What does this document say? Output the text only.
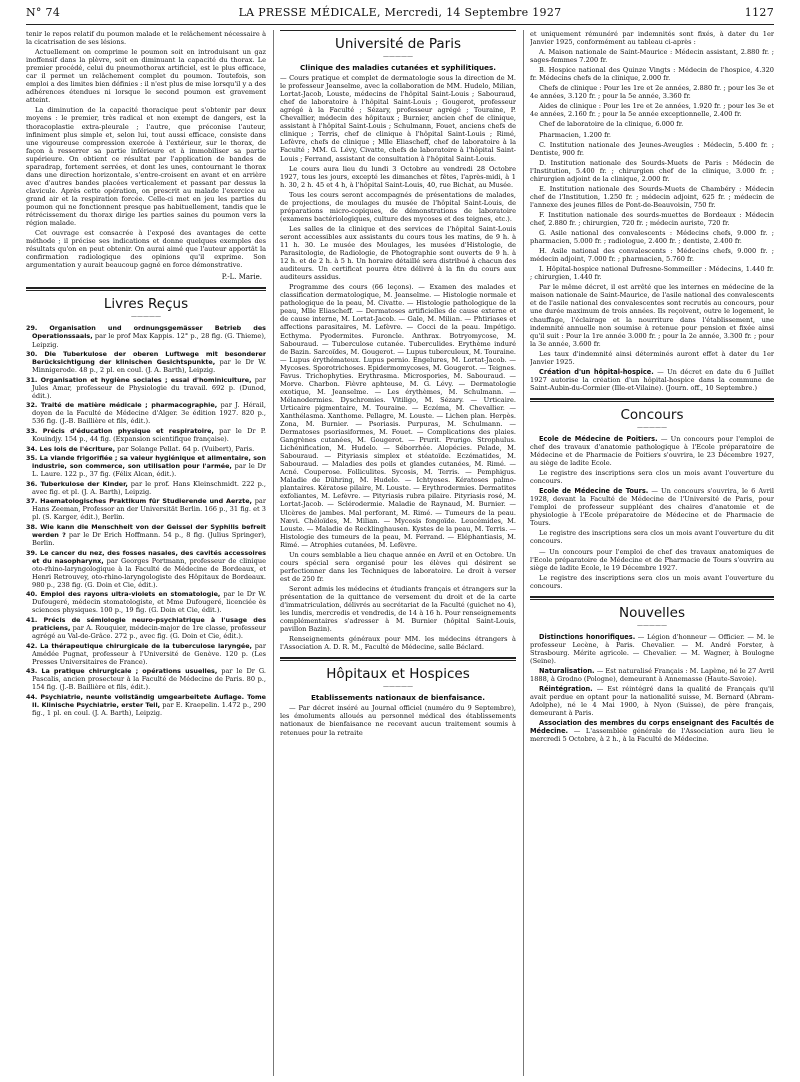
N° 74	LA PRESSE MÉDICALE, Mercredi, 14 Septembre 1927	1127

tenir le repos relatif du poumon malade et le relâchement nécessaire à la cicatrisation de ses lésions.

Actuellement on comprime le poumon soit en introduisant un gaz inoffensif dans la plèvre, soit en diminuant la capacité du thorax. Le premier procédé, celui du pneumothorax artificiel, est le plus efficace, car il permet un relâchement complet du poumon. Toutefois, son emploi a des limites bien définies : il n'est plus de mise lorsqu'il y a des adhérences étendues ni lorsque le second poumon est gravement atteint.

La diminution de la capacité thoracique peut s'obtenir par deux moyens : le premier, très radical et non exempt de dangers, est la thoracoplastie extra-pleurale ; l'autre, que préconise l'auteur, infiniment plus simple et, selon lui, tout aussi efficace, consiste dans une vigoureuse compression exercée à l'extérieur, sur le thorax, de façon à resserrer sa partie inférieure et à immobiliser sa partie supérieure. On obtient ce résultat par l'application de bandes de sparadrap, fortement serrées, et dont les unes, contournant le thorax dans une direction horizontale, s'entre-croisent en avant et en arrière avec d'autres bandes placées verticalement et passant par dessus la clavicule. Après cette opération, on prescrit au malade l'exercice au grand air et la respiration forcée. Celle-ci met en jeu les parties du poumon qui ne fonctionnent presque pas habituellement, tandis que le rétrécissement du thorax dirige les parties saines du poumon vers la région malade.

Cet ouvrage est consacrée à l'exposé des avantages de cette méthode ; il précise ses indications et donne quelques exemples des résultats qu'on en peut obtenir. On aurai aimé que l'auteur apportât la confirmation radiologique des opinions qu'il exprime. Son argumentation y aurait beaucoup gagné en force démonstrative.

P.-L. Marie.
Livres Reçus
—————
29. Organisation und ordnungsgemässer Betrieb des Operationssaals, par le prof Max Kappis. 12° p., 28 fig. (G. Thieme), Leipzig.
30. Die Tuberkulose der oberen Luftwege mit besonderer Berücksichtigung der klinischen Gesichtspunkte, par le Dr W. Minnigerode. 48 p., 2 pl. en coul. (J. A. Barth), Leipzig.
31. Organisation et hygiène sociales ; essai d'hominiculture, par Jules Amar, professeur de Physiologie du travail. 692 p. (Dunod, édit.).
32. Traité de matière médicale ; pharmacographie, par J. Hérail, doyen de la Faculté de Médecine d'Alger. 3e édition 1927. 820 p., 536 fig. (J.-B. Baillière et fils, édit.).
33. Précis d'éducation physique et respiratoire, par le Dr P. Kouindjy. 154 p., 44 fig. (Expansion scientifique française).
34. Les lois de l'écriture, par Solange Pellat. 64 p. (Vuibert), Paris.
35. La viande frigorifiée ; sa valeur hygiénique et alimentaire, son industrie, son commerce, son utilisation pour l'armée, par le Dr L. Laure. 122 p., 37 fig. (Félix Alcan, édit.).
36. Tuberkulose der Kinder, par le prof. Hans Kleinschmidt. 222 p., avec fig. et pl. (J. A. Barth), Leipzig.
37. Haematologisches Praktikum für Studierende und Aerzte, par Hans Zeeman, Professor an der Universität Berlin. 166 p., 31 fig. et 3 pl. (S. Karger, édit.), Berlin.
38. Wie kann die Menschheit von der Geissel der Syphilis befreit werden ? par le Dr Erich Hoffmann. 54 p., 8 fig. (Julius Springer), Berlin.
39. Le cancer du nez, des fosses nasales, des cavités accessoires et du nasopharynx, par Georges Portmann, professeur de clinique oto-rhino-laryngologique à la Faculté de Médecine de Bordeaux, et Henri Retrouvey, oto-rhino-laryngologiste des Hôpitaux de Bordeaux. 980 p., 238 fig. (G. Doin et Cie, édit.).
40. Emploi des rayons ultra-violets en stomatologie, par le Dr W. Dufougeré, médecin stomatologiste, et Mme Dufougeré, licenciée ès sciences physiques. 100 p., 19 fig. (G. Doin et Cie, édit.).
41. Précis de sémiologie neuro-psychiatrique à l'usage des praticiens, par A. Rouquier, médecin-major de 1re classe, professeur agrégé au Val-de-Grâce. 272 p., avec fig. (G. Doin et Cie, édit.).
42. La thérapeutique chirurgicale de la tuberculose laryngée, par Amédée Pugnat, professeur à l'Université de Genève. 120 p. (Les Presses Universitaires de France).
43. La pratique chirurgicale ; opérations usuelles, par le Dr G. Pascalis, ancien prosecteur à la Faculté de Médecine de Paris. 80 p., 154 fig. (J.-B. Baillière et fils, édit.).
44. Psychiatrie, neunte vollständig umgearbeitete Auflage. Tome II. Klinische Psychiatrie, erster Teil, par E. Kraepelin. 1.472 p., 290 fig., 1 pl. en coul. (J. A. Barth), Leipzig.
Université de Paris
—————
Clinique des maladies cutanées et syphilitiques.

— Cours pratique et complet de dermatologie sous la direction de M. le professeur Jeanselme, avec la collaboration de MM. Hudelo, Milian, Lortat-Jacob, Louste, médecins de l'hôpital Saint-Louis ; Sabouraud, chef de laboratoire à l'hôpital Saint-Louis ; Gougerot, professeur agrégé à la Faculté ; Sézary, professeur agrégé ; Touraine, P. Chevallier, médecin des hôpitaux ; Burnier, ancien chef de clinique, assistant à l'hôpital Saint-Louis ; Schulmann, Fouet, anciens chefs de clinique ; Terris, chef de clinique à l'hôpital Saint-Louis ; Rimé, Lefèvre, chefs de clinique ; Mlle Eliascheff, chef de laboratoire à la Faculté ; MM. G. Lévy, Civatte, chefs de laboratoire à l'hôpital Saint-Louis ; Ferrand, assistant de consultation à l'hôpital Saint-Louis.

Le cours aura lieu du lundi 3 Octobre au vendredi 28 Octobre 1927, tous les jours, excepté les dimanches et fêtes, l'après-midi, à 1 h. 30, 2 h. 45 et 4 h, à l'hôpital Saint-Louis, 40, rue Bichat, au Musée.

Tous les cours seront accompagnés de présentations de malades, de projections, de moulages du musée de l'hôpital Saint-Louis, de préparations micro-copiques, de démonstrations de laboratoire (examens bactériologiques, culture des mycoses et des teignes, etc.).

Les salles de la clinique et des services de l'hôpital Saint-Louis seront accessibles aux assistants du cours tous les matins, de 9 h. à 11 h. 30. Le musée des Moulages, les musées d'Histologie, de Parasitologie, de Radiologie, de Photographie sont ouverts de 9 h. à 12 h. et de 2 h. à 5 h. Un horaire détaillé sera distribué à chacun des auditeurs. Un certificat pourra être délivré à la fin du cours aux auditeurs assidus.

Programme des cours (66 leçons). — Examen des malades et classification dermatologique, M. Jeanselme. — Histologie normale et pathologique de la peau, M. Civatte. — Histologie pathologique de la peau, Mlle Eliascheff. — Dermatoses artificielles de cause externe et de cause interne, M. Lortat-Jacob. — Gale, M. Milian. — Phtiriases et affections parasitaires, M. Lefèvre. — Cocci de la peau. Impétigo. Ecthyma. Pyodermites. Furoncle. Anthrax. Botryomycose, M. Sabouraud. — Tuberculose cutanée. Tuberculides. Erythème induré de Bazin. Sarcoïdes, M. Gougerot. — Lupus tuberculeux, M. Touraine. — Lupus érythémateux. Lupus pernio. Engelures, M. Lortat-Jacob. — Mycoses. Sporotrichoses. Epidermomycoses, M. Gougerot. — Teignes. Favus. Trichophyties. Erythrasma. Microspories, M. Sabouraud. — Morve. Charbon. Fièvre aphteuse, M. G. Lévy. — Dermatologie exotique, M. Jeanselme. — Les érythèmes, M. Schulmann. — Mélanodermies. Dyschromies. Vitiligo, M. Sézary. — Urticaire. Urticaire pigmentaire, M. Touraine. — Eczéma, M. Chevallier. — Xanthélasma. Xanthome. Pellagre, M. Louste. — Lichen plan. Herpès. Zona, M. Burnier. — Psoriasis. Purpuras, M. Schulmann. — Dermatoses psoriasiformes, M. Fouet. — Complications des plaies. Gangrènes cutanées, M. Gougerot. — Prurit. Prurigo. Strophulus. Lichénification, M. Hudelo. — Séborrhée. Alopécies. Pelade, M. Sabouraud. — Pityriasis simplex et stéatoïde. Eczématides, M. Sabouraud. — Maladies des poils et glandes cutanées, M. Rimé. — Acné. Couperose. Folliculites. Sycosis, M. Terris. — Pemphigus. Maladie de Dühring, M. Hudelo. — Ichtyoses. Kératoses palmo-plantaires. Kératose pilaire, M. Louste. — Erythrodermies. Dermatites exfoliantes, M. Lefèvre. — Pityriasis rubra pilaire. Pityriasis rosé, M. Lortat-Jacob. — Sclérodermie. Maladie de Raynaud, M. Burnier. — Ulcères de jambes. Mal perforant, M. Rimé. — Tumeurs de la peau. Nævi. Chéloïdes, M. Milian. — Mycosis fongoïde. Leucémides, M. Louste. — Maladie de Recklinghausen. Kystes de la peau, M. Terris. — Histologie des tumeurs de la peau, M. Ferrand. — Eléphantiasis, M. Rimé. — Atrophies cutanées, M. Lefèvre.

Un cours semblable a lieu chaque année en Avril et en Octobre. Un cours spécial sera organisé pour les élèves qui désirent se perfectionner dans les Techniques de laboratoire. Le droit à verser est de 250 fr.

Seront admis les médecins et étudiants français et étrangers sur la présentation de la quittance de versement du droit et de la carte d'immatriculation, délivrés au secrétariat de la Faculté (guichet no 4), les lundis, mercredis et vendredis, de 14 à 16 h. Pour renseignements complémentaires s'adresser à M. Burnier (hôpital Saint-Louis, pavillon Bazin).

Renseignements généraux pour MM. les médecins étrangers à l'Association A. D. R. M., Faculté de Médecine, salle Béclard.

Hôpitaux et Hospices
—————
Etablissements nationaux de bienfaisance.

— Par décret inséré au Journal officiel (numéro du 9 Septembre), les émoluments alloués au personnel médical des établissements nationaux de bienfaisance ne recevant aucun traitement soumis à retenues pour la retraite

et uniquement rémunéré par indemnités sont fixés, à dater du 1er Janvier 1925, conformément au tableau ci-après :

A. Maison nationale de Saint-Maurice : Médecin assistant, 2.880 fr. ; sages-femmes 7.200 fr.

B. Hospice national des Quinze Vingts : Médecin de l'hospice, 4.320 fr. Médecins chefs de la clinique, 2.000 fr.

Chefs de clinique : Pour les 1re et 2e années, 2.880 fr. ; pour les 3e et 4e années, 3.120 fr. ; pour la 5e année, 3.360 fr.

Aides de clinique : Pour les 1re et 2e années, 1.920 fr. ; pour les 3e et 4e années, 2.160 fr. ; pour la 5e année exceptionnelle, 2.400 fr.

Chef de laboratoire de la clinique, 6.000 fr.

Pharmacien, 1.200 fr.

C. Institution nationale des Jeunes-Aveugles : Médecin, 5.400 fr. ; Dentiste, 900 fr.

D. Institution nationale des Sourds-Muets de Paris : Médecin de l'Institution, 5.400 fr. ; chirurgien chef de la clinique, 3.000 fr. ; chirurgien adjoint de la clinique, 2.000 fr.

E. Institution nationale des Sourds-Muets de Chambéry : Médecin chef de l'Institution, 1.250 fr. ; médecin adjoint, 625 fr. ; médecin de l'annexe des jeunes filles de Pont-de-Beauvoisin, 750 fr.

F. Institution nationale des sourds-muettes de Bordeaux : Médecin chef, 2.880 fr. ; chirurgien, 720 fr. ; médecin auriste, 720 fr.

G. Asile national des convalescents : Médecins chefs, 9.000 fr. ; pharmacien, 5.000 fr. ; radiologue, 2.400 fr. ; dentiste, 2.400 fr.

H. Asile national des convalescents : Médecins chefs, 9.000 fr. ; médecin adjoint, 7.000 fr. ; pharmacien, 5.760 fr.

I. Hôpital-hospice national Dufresne-Sommeiller : Médecins, 1.440 fr. ; chirurgien, 1.440 fr.

Par le même décret, il est arrêté que les internes en médecine de la maison nationale de Saint-Maurice, de l'asile national des convalescents et de l'asile national des convalescentes sont recrutés au concours, pour une durée maximum de trois années. Ils reçoivent, outre le logement, le chauffage, l'éclairage et la nourriture dans l'établissement, une indemnité annuelle non soumise à retenue pour pension et fixée ainsi qu'il suit : Pour la 1re année 3.000 fr. ; pour la 2e année, 3.300 fr. ; pour la 3e année, 3.600 fr.

Les taux d'indemnité ainsi déterminés auront effet à dater du 1er Janvier 1925.

Création d'un hôpital-hospice. — Un décret en date du 6 Juillet 1927 autorise la création d'un hôpital-hospice dans la commune de Saint-Aubin-du-Cormier (Ille-et-Vilaine). (Journ. off., 10 Septembre.)

Concours
—————

Ecole de Médecine de Poitiers. — Un concours pour l'emploi de chef des travaux d'anatomie pathologique à l'Ecole préparatoire de Médecine et de Pharmacie de Poitiers s'ouvrira, le 23 Décembre 1927, au siège de ladite Ecole.

Le registre des inscriptions sera clos un mois avant l'ouverture du concours.

Ecole de Médecine de Tours. — Un concours s'ouvrira, le 6 Avril 1928, devant la Faculté de Médecine de l'Université de Paris, pour l'emploi de professeur suppléant des chaires d'anatomie et de physiologie à l'Ecole préparatoire de Médecine et de Pharmacie de Tours.

Le registre des inscriptions sera clos un mois avant l'ouverture du dit concours.

— Un concours pour l'emploi de chef des travaux anatomiques de l'Ecole préparatoire de Médecine et de Pharmacie de Tours s'ouvrira au siège de ladite Ecole, le 19 Décembre 1927.

Le registre des inscriptions sera clos un mois avant l'ouverture du concours.

Nouvelles
—————

Distinctions honorifiques. — Légion d'honneur — Officier. — M. le professeur Lecène, à Paris. Chevalier. — M. André Forster, à Strasbourg. Mérite agricole. — Chevalier. — M. Wagner, à Boulogne (Seine).

Naturalisation. — Est naturalisé Français : M. Lapène, né le 27 Avril 1888, à Grodno (Pologne), demeurant à Annemasse (Haute-Savoie).

Réintégration. — Est réintégré dans la qualité de Français qu'il avait perdue en optant pour la nationalité suisse, M. Bernard (Abram-Adolphe), né le 4 Mai 1900, à Nyon (Suisse), de père français, demeurant à Paris.

Association des membres du corps enseignant des Facultés de Médecine. — L'assemblée générale de l'Association aura lieu le mercredi 5 Octobre, à 2 h., à la Faculté de Médecine.
